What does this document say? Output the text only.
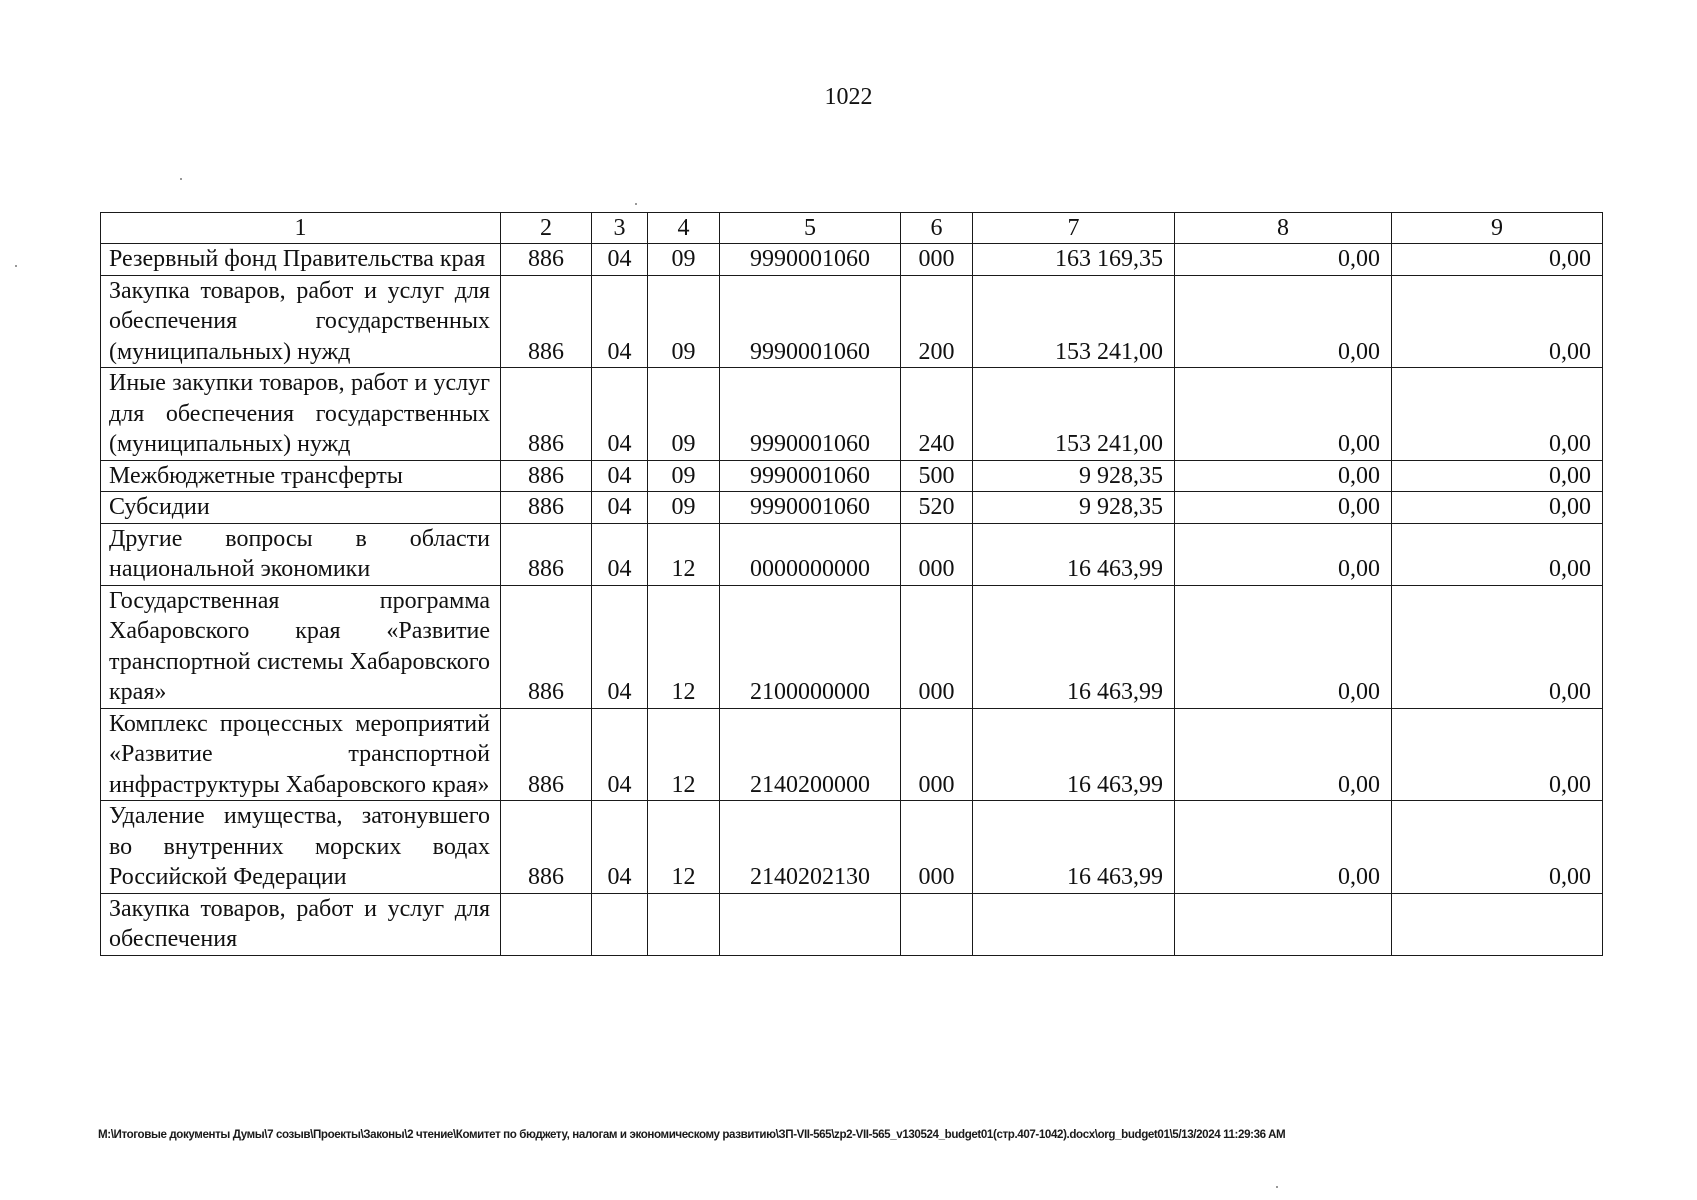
1022
1	2	3	4	5	6	7	8	9
Резервный фонд Правительства края	886	04	09	9990001060	000	163 169,35	0,00	0,00
Закупка товаров, работ и услуг для обеспечения государственных (муниципальных) нужд	886	04	09	9990001060	200	153 241,00	0,00	0,00
Иные закупки товаров, работ и услуг для обеспечения государственных (муниципальных) нужд	886	04	09	9990001060	240	153 241,00	0,00	0,00
Межбюджетные трансферты	886	04	09	9990001060	500	9 928,35	0,00	0,00
Субсидии	886	04	09	9990001060	520	9 928,35	0,00	0,00
Другие вопросы в области национальной экономики	886	04	12	0000000000	000	16 463,99	0,00	0,00
Государственная программа Хабаровского края «Развитие транспортной системы Хабаровского края»	886	04	12	2100000000	000	16 463,99	0,00	0,00
Комплекс процессных мероприятий «Развитие транспортной инфраструктуры Хабаровского края»	886	04	12	2140200000	000	16 463,99	0,00	0,00
Удаление имущества, затонувшего во внутренних морских водах Российской Федерации	886	04	12	2140202130	000	16 463,99	0,00	0,00
Закупка товаров, работ и услуг для обеспечения								
M:\Итоговые документы Думы\7 созыв\Проекты\Законы\2 чтение\Комитет по бюджету, налогам и экономическому развитию\ЗП-VII-565\zp2-VII-565_v130524_budget01(стр.407-1042).docx\org_budget01\5/13/2024 11:29:36 AM
